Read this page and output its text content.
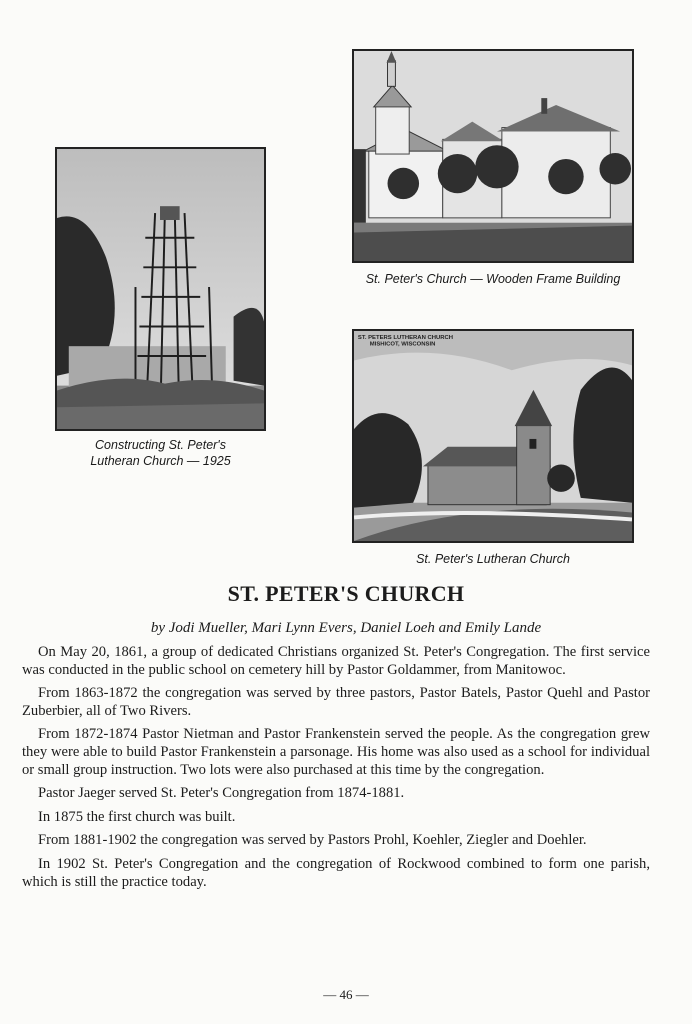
Constructing St. Peter's
Lutheran Church — 1925
St. Peter's Church — Wooden Frame Building
ST. PETERS LUTHERAN CHURCH
MISHICOT, WISCONSIN
St. Peter's Lutheran Church
ST. PETER'S CHURCH
by Jodi Mueller, Mari Lynn Evers, Daniel Loeh and Emily Lande

On May 20, 1861, a group of dedicated Christians organized St. Peter's Congregation. The first service was conducted in the public school on cemetery hill by Pastor Goldammer, from Manitowoc.

From 1863-1872 the congregation was served by three pastors, Pastor Batels, Pastor Quehl and Pastor Zuberbier, all of Two Rivers.

From 1872-1874 Pastor Nietman and Pastor Frankenstein served the people. As the congregation grew they were able to build Pastor Frankenstein a parsonage. His home was also used as a school for individual or small group instruction. Two lots were also purchased at this time by the congregation.

Pastor Jaeger served St. Peter's Congregation from 1874-1881.

In 1875 the first church was built.

From 1881-1902 the congregation was served by Pastors Prohl, Koehler, Ziegler and Doehler.

In 1902 St. Peter's Congregation and the congregation of Rockwood combined to form one parish, which is still the practice today.

— 46 —
